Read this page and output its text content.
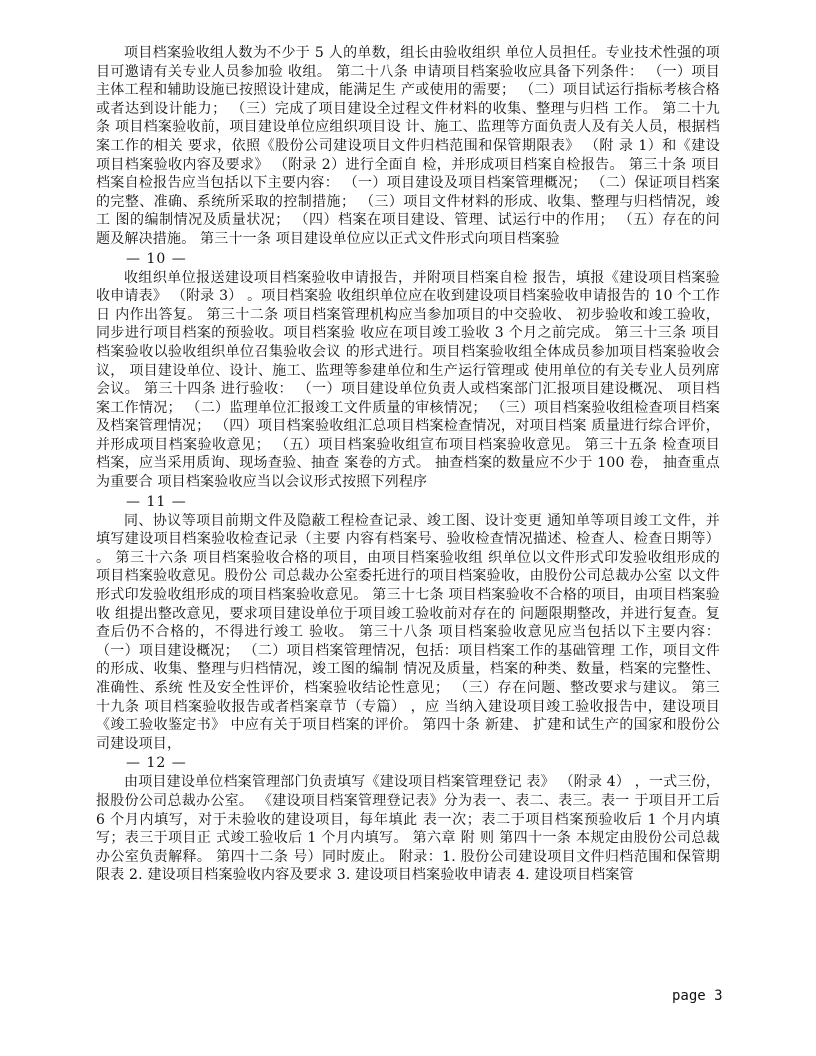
项目档案验收组人数为不少于 5 人的单数，组长由验收组织 单位人员担任。专业技术性强的项目可邀请有关专业人员参加验 收组。 第二十八条 申请项目档案验收应具备下列条件： （一）项目主体工程和辅助设施已按照设计建成，能满足生 产或使用的需要； （二）项目试运行指标考核合格或者达到设计能力； （三）完成了项目建设全过程文件材料的收集、整理与归档 工作。 第二十九条 项目档案验收前，项目建设单位应组织项目设 计、施工、监理等方面负责人及有关人员，根据档案工作的相关 要求，依照《股份公司建设项目文件归档范围和保管期限表》 （附 录 1）和《建设项目档案验收内容及要求》 （附录 2）进行全面自 检，并形成项目档案自检报告。 第三十条 项目档案自检报告应当包括以下主要内容： （一）项目建设及项目档案管理概况； （二）保证项目档案的完整、准确、系统所采取的控制措施； （三）项目文件材料的形成、收集、整理与归档情况，竣工 图的编制情况及质量状况； （四）档案在项目建设、管理、试运行中的作用； （五）存在的问题及解决措施。 第三十一条 项目建设单位应以正式文件形式向项目档案验

— 10 —

收组织单位报送建设项目档案验收申请报告，并附项目档案自检 报告，填报《建设项目档案验收申请表》 （附录 3） 。项目档案验 收组织单位应在收到建设项目档案验收申请报告的 10 个工作日 内作出答复。 第三十二条 项目档案管理机构应当参加项目的中交验收、 初步验收和竣工验收，同步进行项目档案的预验收。项目档案验 收应在项目竣工验收 3 个月之前完成。 第三十三条 项目档案验收以验收组织单位召集验收会议 的形式进行。项目档案验收组全体成员参加项目档案验收会议， 项目建设单位、设计、施工、监理等参建单位和生产运行管理或 使用单位的有关专业人员列席会议。 第三十四条 进行验收： （一）项目建设单位负责人或档案部门汇报项目建设概况、 项目档案工作情况； （二）监理单位汇报竣工文件质量的审核情况； （三）项目档案验收组检查项目档案及档案管理情况； （四）项目档案验收组汇总项目档案检查情况，对项目档案 质量进行综合评价，并形成项目档案验收意见； （五）项目档案验收组宣布项目档案验收意见。 第三十五条 检查项目档案，应当采用质询、现场查验、抽查 案卷的方式。 抽查档案的数量应不少于 100 卷， 抽查重点为重要合 项目档案验收应当以会议形式按照下列程序

— 11 —

同、协议等项目前期文件及隐蔽工程检查记录、竣工图、设计变更 通知单等项目竣工文件，并填写建设项目档案验收检查记录（主要 内容有档案号、验收检查情况描述、检查人、检查日期等） 。 第三十六条 项目档案验收合格的项目，由项目档案验收组 织单位以文件形式印发验收组形成的项目档案验收意见。股份公 司总裁办公室委托进行的项目档案验收，由股份公司总裁办公室 以文件形式印发验收组形成的项目档案验收意见。 第三十七条 项目档案验收不合格的项目，由项目档案验收 组提出整改意见，要求项目建设单位于项目竣工验收前对存在的 问题限期整改，并进行复查。复查后仍不合格的，不得进行竣工 验收。 第三十八条 项目档案验收意见应当包括以下主要内容： （一）项目建设概况； （二）项目档案管理情况，包括：项目档案工作的基础管理 工作，项目文件的形成、收集、整理与归档情况，竣工图的编制 情况及质量，档案的种类、数量，档案的完整性、准确性、系统 性及安全性评价，档案验收结论性意见； （三）存在问题、整改要求与建议。 第三十九条 项目档案验收报告或者档案章节（专篇） ，应 当纳入建设项目竣工验收报告中，建设项目《竣工验收鉴定书》 中应有关于项目档案的评价。 第四十条 新建、 扩建和试生产的国家和股份公司建设项目，

— 12 —

由项目建设单位档案管理部门负责填写《建设项目档案管理登记 表》 （附录 4） ，一式三份，报股份公司总裁办公室。 《建设项目档案管理登记表》分为表一、表二、表三。表一 于项目开工后 6 个月内填写，对于未验收的建设项目，每年填此 表一次；表二于项目档案预验收后 1 个月内填写；表三于项目正 式竣工验收后 1 个月内填写。 第六章 附 则 第四十一条 本规定由股份公司总裁办公室负责解释。 第四十二条 号）同时废止。 附录：1. 股份公司建设项目文件归档范围和保管期限表 2. 建设项目档案验收内容及要求 3. 建设项目档案验收申请表 4. 建设项目档案管

page 3
